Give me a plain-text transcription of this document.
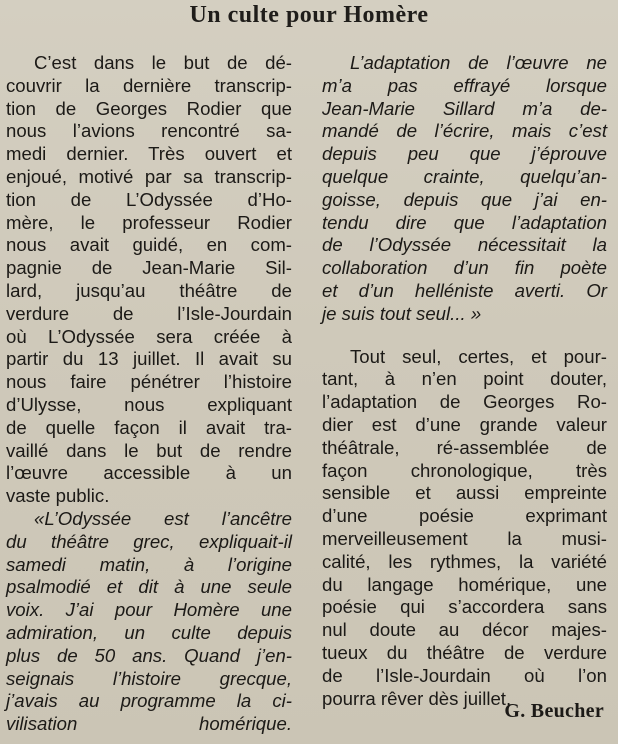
Un culte pour Homère
C’est dans le but de dé-
couvrir la dernière transcrip-
tion de Georges Rodier que
nous l’avions rencontré sa-
medi dernier. Très ouvert et
enjoué, motivé par sa transcrip-
tion de L’Odyssée d’Ho-
mère, le professeur Rodier
nous avait guidé, en com-
pagnie de Jean-Marie Sil-
lard, jusqu’au théâtre de
verdure de l’Isle-Jourdain
où L’Odyssée sera créée à
partir du 13 juillet. Il avait su
nous faire pénétrer l’histoire
d’Ulysse, nous expliquant
de quelle façon il avait tra-
vaillé dans le but de rendre
l’œuvre accessible à un
vaste public.
«L’Odyssée est l’ancêtre
du théâtre grec, expliquait-il
samedi matin, à l’origine
psalmodié et dit à une seule
voix. J’ai pour Homère une
admiration, un culte depuis
plus de 50 ans. Quand j’en-
seignais l’histoire grecque,
j’avais au programme la ci-
vilisation homérique.
L’adaptation de l’œuvre ne
m’a pas effrayé lorsque
Jean-Marie Sillard m’a de-
mandé de l’écrire, mais c’est
depuis peu que j’éprouve
quelque crainte, quelqu’an-
goisse, depuis que j’ai en-
tendu dire que l’adaptation
de l’Odyssée nécessitait la
collaboration d’un fin poète
et d’un helléniste averti. Or
je suis tout seul... »
Tout seul, certes, et pour-
tant, à n’en point douter,
l’adaptation de Georges Ro-
dier est d’une grande valeur
théâtrale, ré-assemblée de
façon chronologique, très
sensible et aussi empreinte
d’une poésie exprimant
merveilleusement la musi-
calité, les rythmes, la variété
du langage homérique, une
poésie qui s’accordera sans
nul doute au décor majes-
tueux du théâtre de verdure
de l’Isle-Jourdain où l’on
pourra rêver dès juillet.
G. Beucher
